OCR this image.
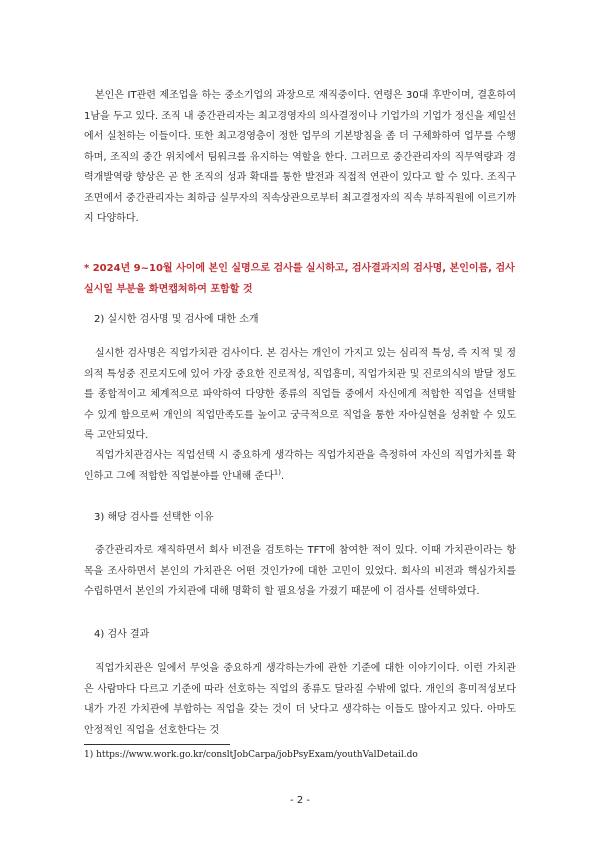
본인은 IT관련 제조업을 하는 중소기업의 과장으로 재직중이다. 연령은 30대 후반이며, 결혼하여 1남을 두고 있다. 조직 내 중간관리자는 최고경영자의 의사결정이나 기업가의 기업가 정신을 제일선에서 실천하는 이들이다. 또한 최고경영층이 정한 업무의 기본방침을 좀 더 구체화하여 업무를 수행하며, 조직의 중간 위치에서 팀워크를 유지하는 역할을 한다. 그러므로 중간관리자의 직무역량과 경력개발역량 향상은 곧 한 조직의 성과 확대를 통한 발전과 직접적 연관이 있다고 할 수 있다. 조직구조면에서 중간관리자는 최하급 실무자의 직속상관으로부터 최고결정자의 직속 부하직원에 이르기까지 다양하다.

* 2024년 9~10월 사이에 본인 실명으로 검사를 실시하고, 검사결과지의 검사명, 본인이름, 검사실시일 부분을 화면캡쳐하여 포함할 것

2) 실시한 검사명 및 검사에 대한 소개

실시한 검사명은 직업가치관 검사이다. 본 검사는 개인이 가지고 있는 심리적 특성, 즉 지적 및 정의적 특성중 진로지도에 있어 가장 중요한 진로적성, 직업흥미, 직업가치관 및 진로의식의 발달 정도를 종합적이고 체계적으로 파악하여 다양한 종류의 직업들 중에서 자신에게 적합한 직업을 선택할 수 있게 함으로써 개인의 직업만족도를 높이고 궁극적으로 직업을 통한 자아실현을 성취할 수 있도록 고안되었다.

직업가치관검사는 직업선택 시 중요하게 생각하는 직업가치관을 측정하여 자신의 직업가치를 확인하고 그에 적합한 직업분야를 안내해 준다$^{1)}$.

3) 해당 검사를 선택한 이유

중간관리자로 재직하면서 회사 비전을 검토하는 TFT에 참여한 적이 있다. 이때 가치관이라는 항목을 조사하면서 본인의 가치관은 어떤 것인가?에 대한 고민이 있었다. 회사의 비전과 핵심가치를 수립하면서 본인의 가치관에 대해 명확히 할 필요성을 가졌기 때문에 이 검사를 선택하였다.

4) 검사 결과

직업가치관은 일에서 무엇을 중요하게 생각하는가에 관한 기준에 대한 이야기이다. 이런 가치관은 사람마다 다르고 기준에 따라 선호하는 직업의 종류도 달라질 수밖에 없다. 개인의 흥미적성보다 내가 가진 가치관에 부합하는 직업을 갖는 것이 더 낫다고 생각하는 이들도 많아지고 있다. 아마도 안정적인 직업을 선호한다는 것

1) https://www.work.go.kr/consltJobCarpa/jobPsyExam/youthValDetail.do
- 2 -
